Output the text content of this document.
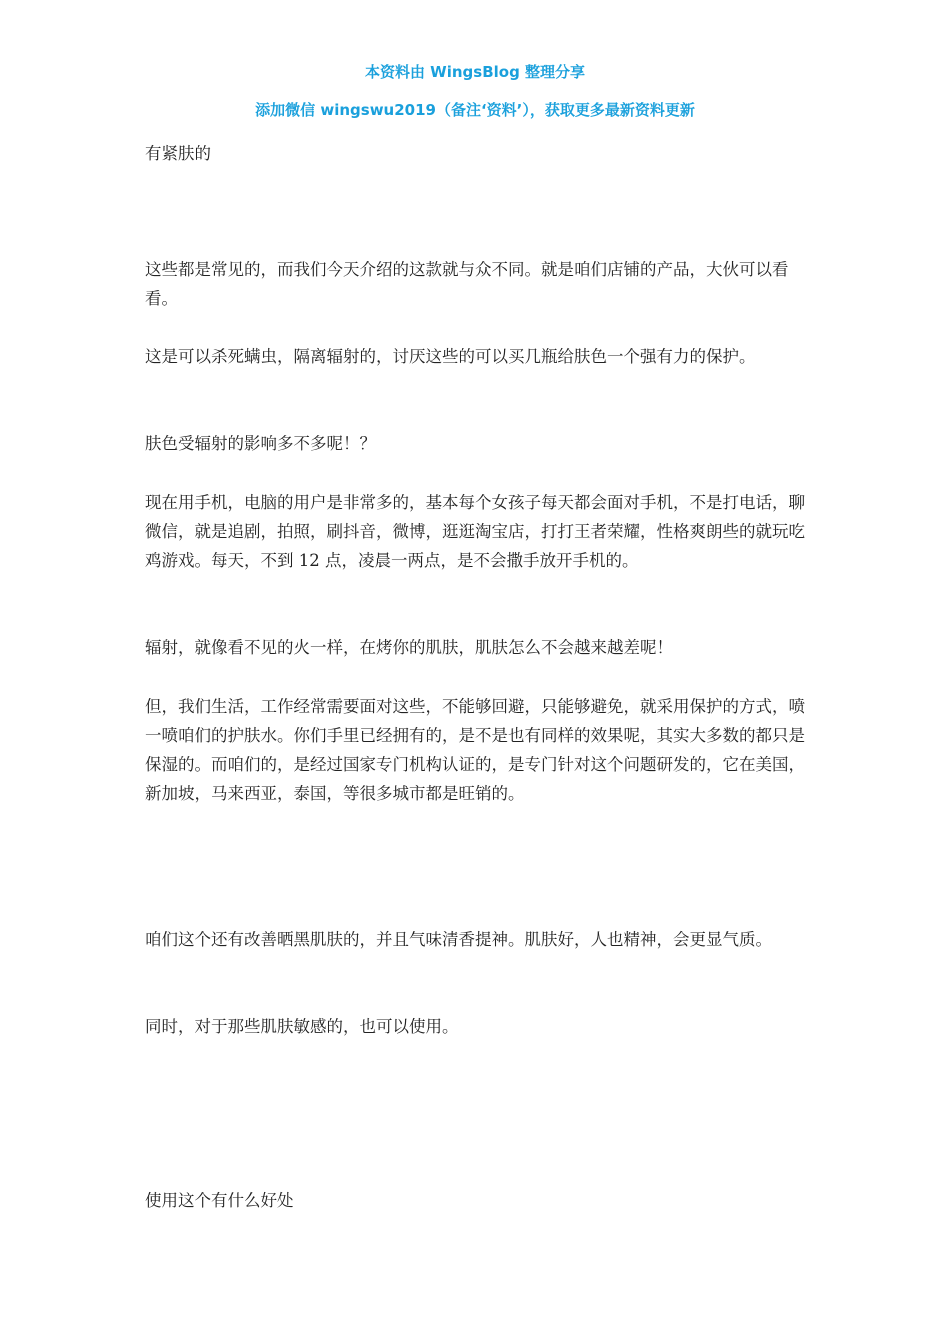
本资料由 WingsBlog 整理分享
添加微信 wingswu2019（备注‘资料’），获取更多最新资料更新

有紧肤的

这些都是常见的，而我们今天介绍的这款就与众不同。就是咱们店铺的产品，大伙可以看看。

这是可以杀死螨虫，隔离辐射的，讨厌这些的可以买几瓶给肤色一个强有力的保护。

肤色受辐射的影响多不多呢！？

现在用手机，电脑的用户是非常多的，基本每个女孩子每天都会面对手机，不是打电话，聊微信，就是追剧，拍照，刷抖音，微博，逛逛淘宝店，打打王者荣耀，性格爽朗些的就玩吃鸡游戏。每天，不到 12 点，凌晨一两点，是不会撒手放开手机的。

辐射，就像看不见的火一样，在烤你的肌肤，肌肤怎么不会越来越差呢！

但，我们生活，工作经常需要面对这些，不能够回避，只能够避免，就采用保护的方式，喷一喷咱们的护肤水。你们手里已经拥有的，是不是也有同样的效果呢，其实大多数的都只是保湿的。而咱们的，是经过国家专门机构认证的，是专门针对这个问题研发的，它在美国，新加坡，马来西亚，泰国，等很多城市都是旺销的。

咱们这个还有改善晒黑肌肤的，并且气味清香提神。肌肤好，人也精神，会更显气质。

同时，对于那些肌肤敏感的，也可以使用。

使用这个有什么好处
